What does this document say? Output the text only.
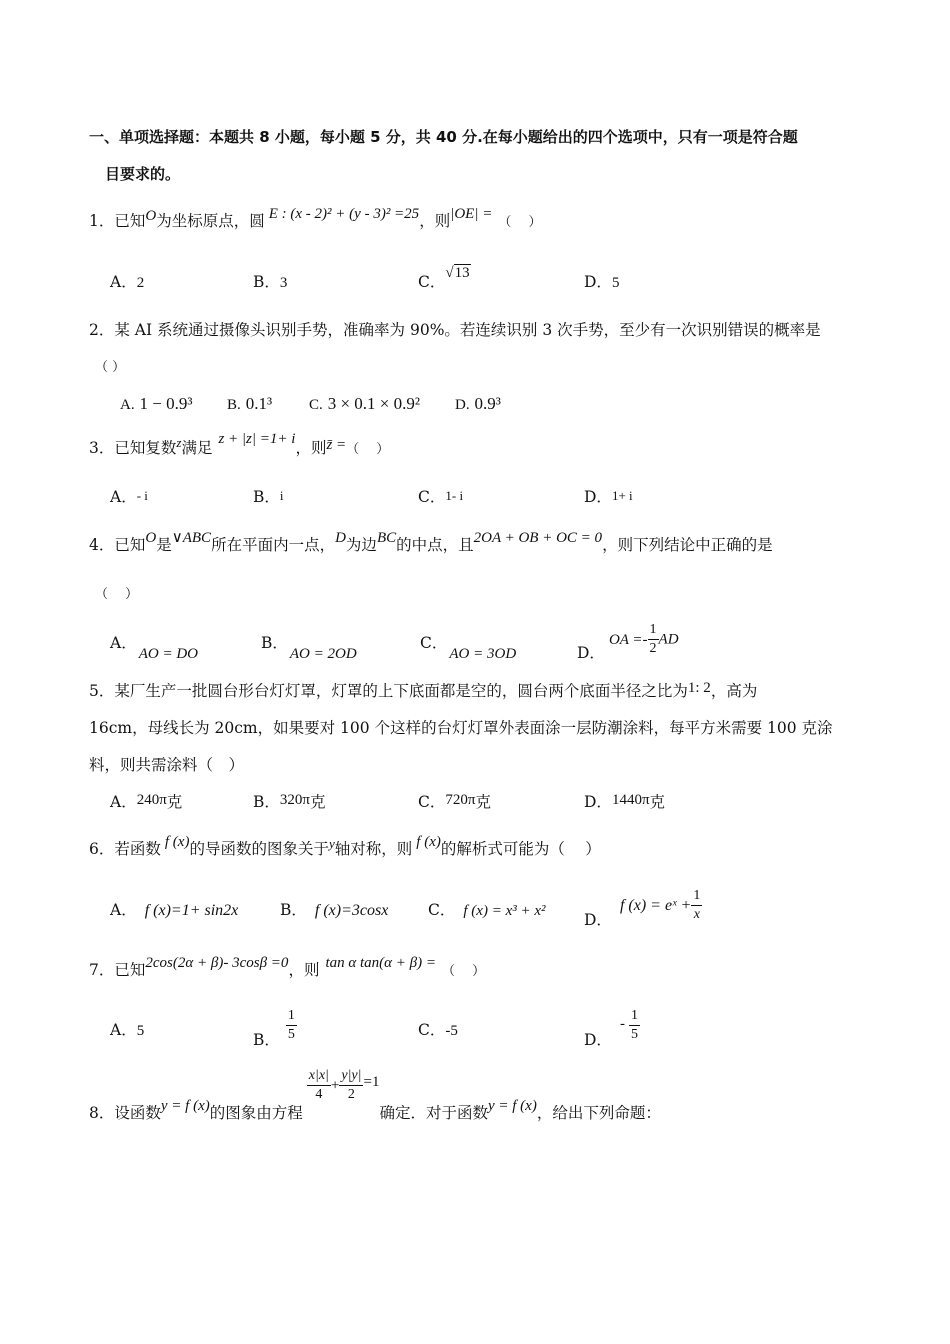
一、单项选择题：本题共 8 小题，每小题 5 分，共 40 分.在每小题给出的四个选项中，只有一项是符合题
目要求的。
1．已知O为坐标原点，圆 E : (x - 2)² + (y - 3)² =25，则|OE| =（　 ）
A．2	B．3	C．√13	D．5
2．某 AI 系统通过摄像头识别手势，准确率为 90%。若连续识别 3 次手势，至少有一次识别错误的概率是
（ ）
A. 1 − 0.9³ B. 0.1³ C. 3 × 0.1 × 0.9² D. 0.9³
3．已知复数$^z$满足 z + |z| =1+ i，则z̄ =（　 ）
A．- i	B．i	C．1- i	D．1+ i
4．已知O是∨ABC所在平面内一点，D为边BC的中点，且2OA + OB + OC = 0，则下列结论中正确的是
（　 ）
A．AO = DO
B．AO = 2OD
C．AO = 3OD	D．OA =- $\frac{1}{2}$ AD
5．某厂生产一批圆台形台灯灯罩，灯罩的上下底面都是空的，圆台两个底面半径之比为1: 2，高为
16cm，母线长为 20cm，如果要对 100 个这样的台灯灯罩外表面涂一层防潮涂料，每平方米需要 100 克涂
料，则共需涂料（　）
A．240π克	B．320π克	C．720π克	D．1440π克
6．若函数 f (x)的导函数的图象关于$^y$轴对称，则 f (x)的解析式可能为（　 ）
A． f (x)=1+ sin2x	B． f (x)=3cosx	C． f (x) = x³ + x² D．f (x) = eˣ + $\frac{1}{x}$
7．已知2cos(2α + β)- 3cosβ =0，则 tan α tan(α + β) =（　 ）
A．5	B． $\frac{1}{5}$	C．-5	D．- $\frac{1}{5}$
8．设函数y = f (x)的图象由方程
$\frac{x|x|}{4} + \frac{y|y|}{2} =1$确定．对于函数y = f (x)，给出下列命题：
